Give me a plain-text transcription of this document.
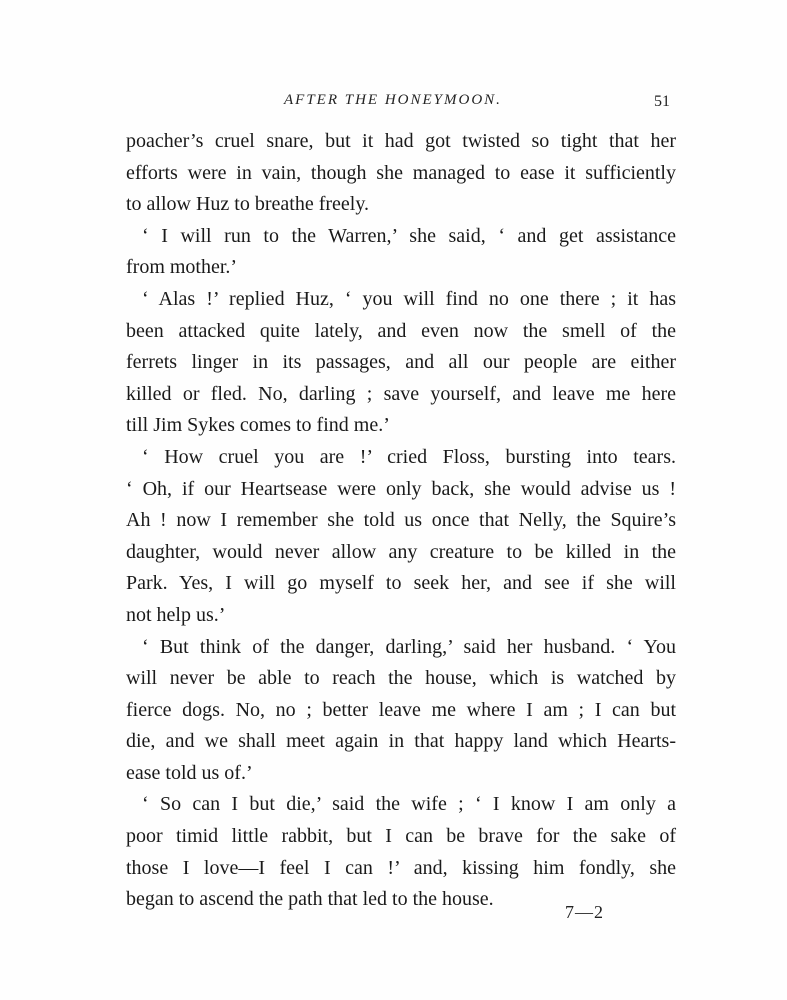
AFTER THE HONEYMOON.	51
poacher’s cruel snare, but it had got twisted so tight that her
efforts were in vain, though she managed to ease it sufficiently
to allow Huz to breathe freely.
‘ I will run to the Warren,’ she said, ‘ and get assistance
from mother.’
‘ Alas !’ replied Huz, ‘ you will find no one there ; it has
been attacked quite lately, and even now the smell of the
ferrets linger in its passages, and all our people are either
killed or fled. No, darling ; save yourself, and leave me here
till Jim Sykes comes to find me.’
‘ How cruel you are !’ cried Floss, bursting into tears.
‘ Oh, if our Heartsease were only back, she would advise us !
Ah ! now I remember she told us once that Nelly, the Squire’s
daughter, would never allow any creature to be killed in the
Park. Yes, I will go myself to seek her, and see if she will
not help us.’
‘ But think of the danger, darling,’ said her husband. ‘ You
will never be able to reach the house, which is watched by
fierce dogs. No, no ; better leave me where I am ; I can but
die, and we shall meet again in that happy land which Hearts-
ease told us of.’
‘ So can I but die,’ said the wife ; ‘ I know I am only a
poor timid little rabbit, but I can be brave for the sake of
those I love—I feel I can !’ and, kissing him fondly, she
began to ascend the path that led to the house.
7—2
